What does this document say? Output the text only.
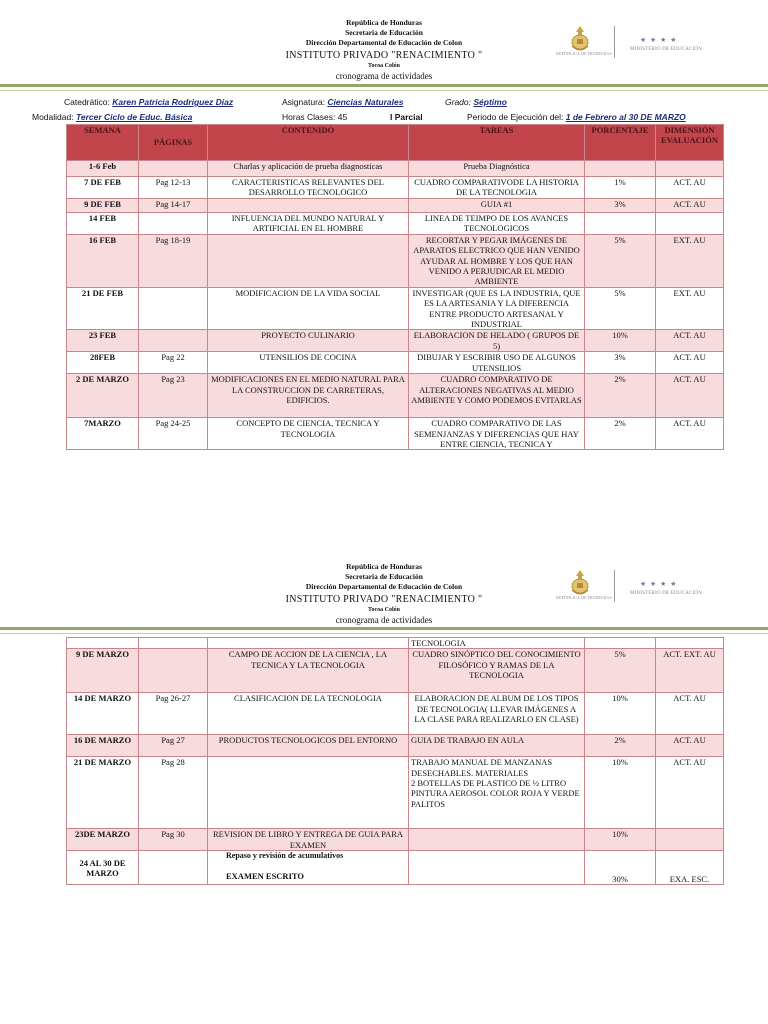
República de Honduras
Secretaria de Educación
Dirección Departamental de Educación de Colon
INSTITUTO PRIVADO "RENACIMIENTO "
Tocoa Colón
cronograma de actividades
REPÚBLICA DE HONDURAS
★ ★ ★ ★
MINISTERIO DE EDUCACIÓN
Catedrático: Karen Patricia Rodriguez Diaz	Asignatura: Ciencias Naturales	Grado: Séptimo
Modalidad: Tercer Ciclo de Educ. Básica	Horas Clases: 45	I Parcial	Periodo de Ejecución del: 1 de Febrero al 30 DE MARZO
SEMANA	PÁGINAS	CONTENIDO	TAREAS	PORCENTAJE	DIMENSIÓN EVALUACIÓN
1-6 Feb		Charlas y aplicación de prueba diagnosticas	Prueba Diagnóstica		
7 DE FEB	Pag 12-13	CARACTERISTICAS RELEVANTES DEL DESARROLLO TECNOLOGICO	CUADRO COMPARATIVODE LA HISTORIA DE LA TECNOLOGIA	1%	ACT. AU
9 DE FEB	Pag 14-17		GUIA #1	3%	ACT. AU
14 FEB		INFLUENCIA DEL MUNDO NATURAL Y ARTIFICIAL EN EL HOMBRE	LINEA DE TEIMPO DE LOS AVANCES TECNOLOGICOS		
16 FEB	Pag 18-19		RECORTAR Y PEGAR IMÁGENES DE APARATOS ELECTRICO QUE HAN VENIDO AYUDAR AL HOMBRE Y LOS QUE HAN VENIDO A PERJUDICAR EL MEDIO AMBIENTE	5%	EXT. AU
21 DE FEB		MODIFICACION DE LA VIDA SOCIAL	INVESTIGAR (QUE ES LA INDUSTRIA, QUE ES LA ARTESANIA Y LA DIFERENCIA ENTRE PRODUCTO ARTESANAL Y INDUSTRIAL	5%	EXT. AU
23 FEB		PROYECTO CULINARIO	ELABORACION DE HELADO ( GRUPOS DE 5)	10%	ACT. AU
28FEB	Pag 22	UTENSILIOS DE COCINA	DIBUJAR Y ESCRIBIR USO DE ALGUNOS UTENSILIOS	3%	ACT. AU
2 DE MARZO	Pag 23	MODIFICACIONES EN EL MEDIO NATURAL PARA LA CONSTRUCCION DE CARRETERAS, EDIFICIOS.	CUADRO COMPARATIVO DE ALTERACIONES NEGATIVAS AL MEDIO AMBIENTE Y COMO PODEMOS EVITARLAS	2%	ACT. AU
7MARZO	Pag 24-25	CONCEPTO DE CIENCIA, TECNICA Y TECNOLOGIA	CUADRO COMPARATIVO DE LAS SEMENJANZAS Y DIFERENCIAS QUE HAY ENTRE CIENCIA, TECNICA Y	2%	ACT. AU
República de Honduras
Secretaria de Educación
Dirección Departamental de Educación de Colon
INSTITUTO PRIVADO "RENACIMIENTO "
Tocoa Colón
cronograma de actividades
REPÚBLICA DE HONDURAS
★ ★ ★ ★
MINISTERIO DE EDUCACIÓN
			TECNOLOGIA		
9 DE MARZO		CAMPO DE ACCION DE LA CIENCIA , LA TECNICA Y LA TECNOLOGIA	CUADRO SINÓPTICO DEL CONOCIMIENTO FILOSÓFICO Y RAMAS DE LA TECNOLOGIA	5%	ACT. EXT. AU
14 DE MARZO	Pag 26-27	CLASIFICACION DE LA TECNOLOGIA	ELABORACION DE ALBUM DE LOS TIPOS DE TECNOLOGIA( LLEVAR IMÁGENES A LA CLASE PARA REALIZARLO EN CLASE)	10%	ACT. AU
16 DE MARZO	Pag 27	PRODUCTOS TECNOLOGICOS DEL ENTORNO	GUIA DE TRABAJO EN AULA	2%	ACT. AU
21 DE MARZO	Pag 28		TRABAJO MANUAL DE MANZANAS DESECHABLES. MATERIALES
2 BOTELLAS DE PLASTICO DE ½ LITRO
PINTURA AEROSOL COLOR ROJA Y VERDE
PALITOS	10%	ACT. AU
23DE MARZO	Pag 30	REVISION DE LIBRO Y ENTREGA DE GUIA PARA EXAMEN		10%	
24 AL 30 DE MARZO		Repaso y revisión de acumulativos
EXAMEN ESCRITO		30%	EXA. ESC.
